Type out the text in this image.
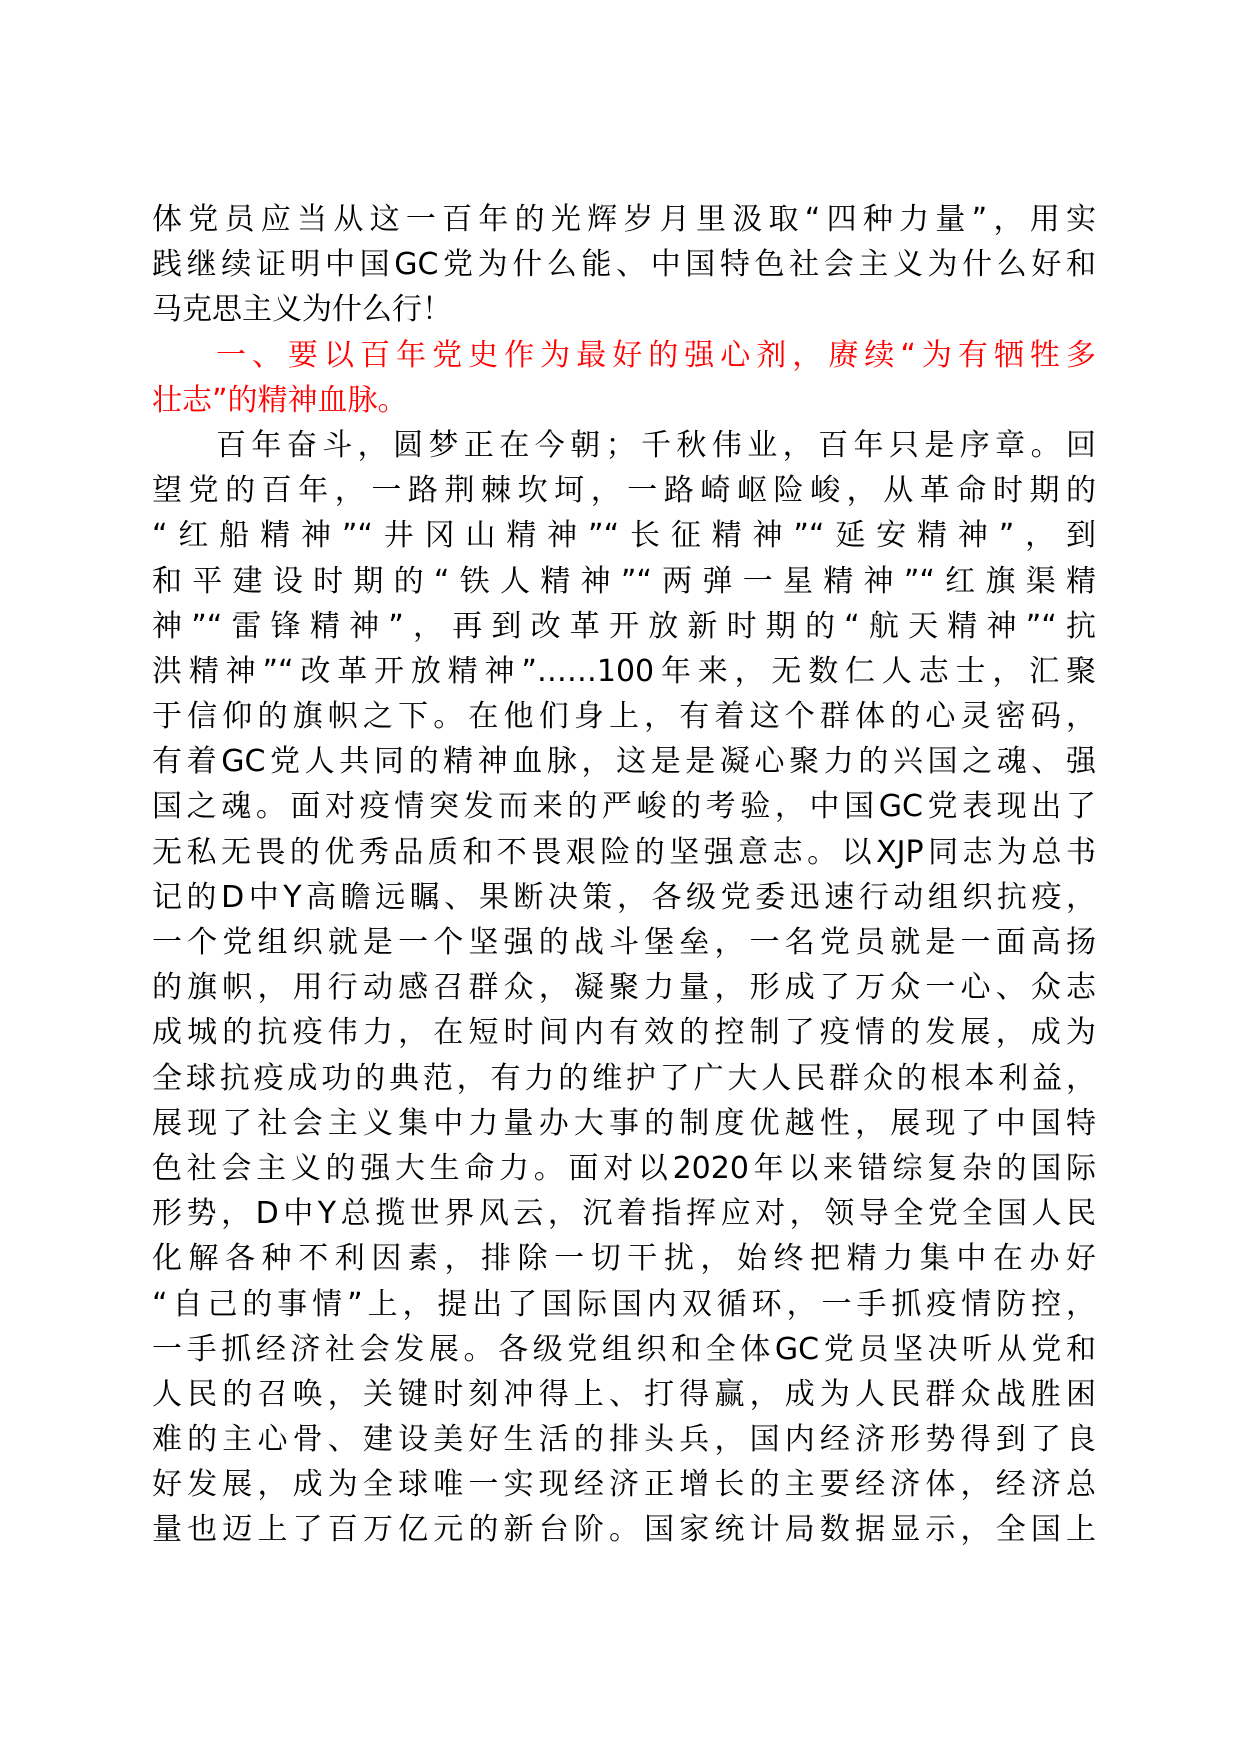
体党员应当从这一百年的光辉岁月里汲取“四种力量”，用实
践继续证明中国GC党为什么能、中国特色社会主义为什么好和
马克思主义为什么行！
一、要以百年党史作为最好的强心剂，赓续“为有牺牲多
壮志”的精神血脉。
百年奋斗，圆梦正在今朝；千秋伟业，百年只是序章。回
望党的百年，一路荆棘坎坷，一路崎岖险峻，从革命时期的
“红船精神”“井冈山精神”“长征精神”“延安精神”，到
和平建设时期的“铁人精神”“两弹一星精神”“红旗渠精
神”“雷锋精神”，再到改革开放新时期的“航天精神”“抗
洪精神”“改革开放精神”……100年来，无数仁人志士，汇聚
于信仰的旗帜之下。在他们身上，有着这个群体的心灵密码，
有着GC党人共同的精神血脉，这是是凝心聚力的兴国之魂、强
国之魂。面对疫情突发而来的严峻的考验，中国GC党表现出了
无私无畏的优秀品质和不畏艰险的坚强意志。以XJP同志为总书
记的D中Y高瞻远瞩、果断决策，各级党委迅速行动组织抗疫，
一个党组织就是一个坚强的战斗堡垒，一名党员就是一面高扬
的旗帜，用行动感召群众，凝聚力量，形成了万众一心、众志
成城的抗疫伟力，在短时间内有效的控制了疫情的发展，成为
全球抗疫成功的典范，有力的维护了广大人民群众的根本利益，
展现了社会主义集中力量办大事的制度优越性，展现了中国特
色社会主义的强大生命力。面对以2020年以来错综复杂的国际
形势，D中Y总揽世界风云，沉着指挥应对，领导全党全国人民
化解各种不利因素，排除一切干扰，始终把精力集中在办好
“自己的事情”上，提出了国际国内双循环，一手抓疫情防控，
一手抓经济社会发展。各级党组织和全体GC党员坚决听从党和
人民的召唤，关键时刻冲得上、打得赢，成为人民群众战胜困
难的主心骨、建设美好生活的排头兵，国内经济形势得到了良
好发展，成为全球唯一实现经济正增长的主要经济体，经济总
量也迈上了百万亿元的新台阶。国家统计局数据显示，全国上
